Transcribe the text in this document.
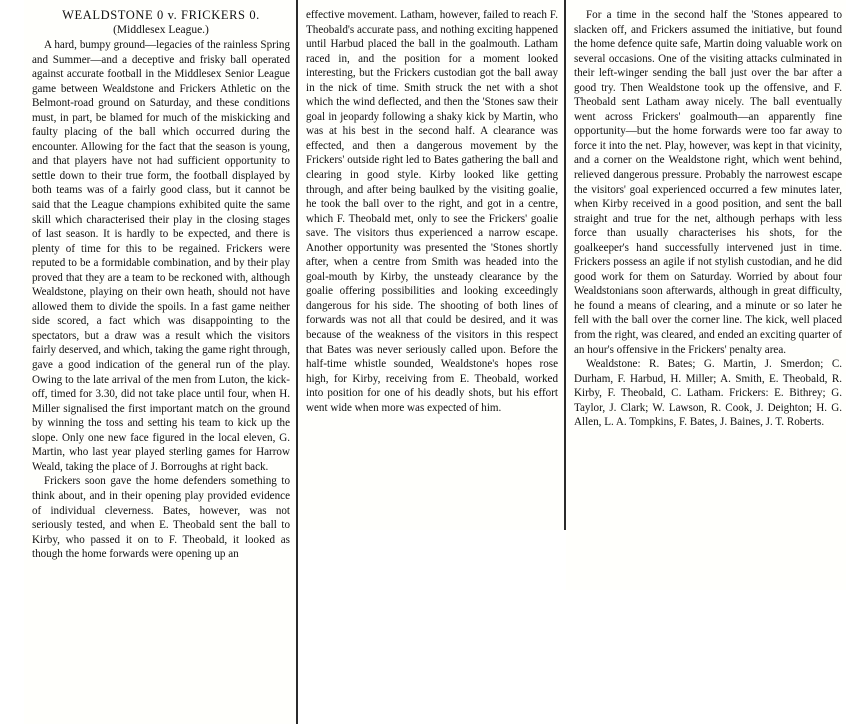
WEALDSTONE 0 v. FRICKERS 0.
(Middlesex League.)

A hard, bumpy ground—legacies of the rainless Spring and Summer—and a deceptive and frisky ball operated against accurate football in the Middlesex Senior League game between Wealdstone and Frickers Athletic on the Belmont-road ground on Saturday, and these conditions must, in part, be blamed for much of the miskicking and faulty placing of the ball which occurred during the encounter. Allowing for the fact that the season is young, and that players have not had sufficient opportunity to settle down to their true form, the football displayed by both teams was of a fairly good class, but it cannot be said that the League champions exhibited quite the same skill which characterised their play in the closing stages of last season. It is hardly to be expected, and there is plenty of time for this to be regained. Frickers were reputed to be a formidable combination, and by their play proved that they are a team to be reckoned with, although Wealdstone, playing on their own heath, should not have allowed them to divide the spoils. In a fast game neither side scored, a fact which was disappointing to the spectators, but a draw was a result which the visitors fairly deserved, and which, taking the game right through, gave a good indication of the general run of the play. Owing to the late arrival of the men from Luton, the kick-off, timed for 3.30, did not take place until four, when H. Miller signalised the first important match on the ground by winning the toss and setting his team to kick up the slope. Only one new face figured in the local eleven, G. Martin, who last year played sterling games for Harrow Weald, taking the place of J. Borroughs at right back.

Frickers soon gave the home defenders something to think about, and in their opening play provided evidence of individual cleverness. Bates, however, was not seriously tested, and when E. Theobald sent the ball to Kirby, who passed it on to F. Theobald, it looked as though the home forwards were opening up an

effective movement. Latham, however, failed to reach F. Theobald's accurate pass, and nothing exciting happened until Harbud placed the ball in the goalmouth. Latham raced in, and the position for a moment looked interesting, but the Frickers custodian got the ball away in the nick of time. Smith struck the net with a shot which the wind deflected, and then the 'Stones saw their goal in jeopardy following a shaky kick by Martin, who was at his best in the second half. A clearance was effected, and then a dangerous movement by the Frickers' outside right led to Bates gathering the ball and clearing in good style. Kirby looked like getting through, and after being baulked by the visiting goalie, he took the ball over to the right, and got in a centre, which F. Theobald met, only to see the Frickers' goalie save. The visitors thus experienced a narrow escape. Another opportunity was presented the 'Stones shortly after, when a centre from Smith was headed into the goal-mouth by Kirby, the unsteady clearance by the goalie offering possibilities and looking exceedingly dangerous for his side. The shooting of both lines of forwards was not all that could be desired, and it was because of the weakness of the visitors in this respect that Bates was never seriously called upon. Before the half-time whistle sounded, Wealdstone's hopes rose high, for Kirby, receiving from E. Theobald, worked into position for one of his deadly shots, but his effort went wide when more was expected of him.

For a time in the second half the 'Stones appeared to slacken off, and Frickers assumed the initiative, but found the home defence quite safe, Martin doing valuable work on several occasions. One of the visiting attacks culminated in their left-winger sending the ball just over the bar after a good try. Then Wealdstone took up the offensive, and F. Theobald sent Latham away nicely. The ball eventually went across Frickers' goalmouth—an apparently fine opportunity—but the home forwards were too far away to force it into the net. Play, however, was kept in that vicinity, and a corner on the Wealdstone right, which went behind, relieved dangerous pressure. Probably the narrowest escape the visitors' goal experienced occurred a few minutes later, when Kirby received in a good position, and sent the ball straight and true for the net, although perhaps with less force than usually characterises his shots, for the goalkeeper's hand successfully intervened just in time. Frickers possess an agile if not stylish custodian, and he did good work for them on Saturday. Worried by about four Wealdstonians soon afterwards, although in great difficulty, he found a means of clearing, and a minute or so later he fell with the ball over the corner line. The kick, well placed from the right, was cleared, and ended an exciting quarter of an hour's offensive in the Frickers' penalty area.

Wealdstone: R. Bates; G. Martin, J. Smerdon; C. Durham, F. Harbud, H. Miller; A. Smith, E. Theobald, R. Kirby, F. Theobald, C. Latham. Frickers: E. Bithrey; G. Taylor, J. Clark; W. Lawson, R. Cook, J. Deighton; H. G. Allen, L. A. Tompkins, F. Bates, J. Baines, J. T. Roberts.
